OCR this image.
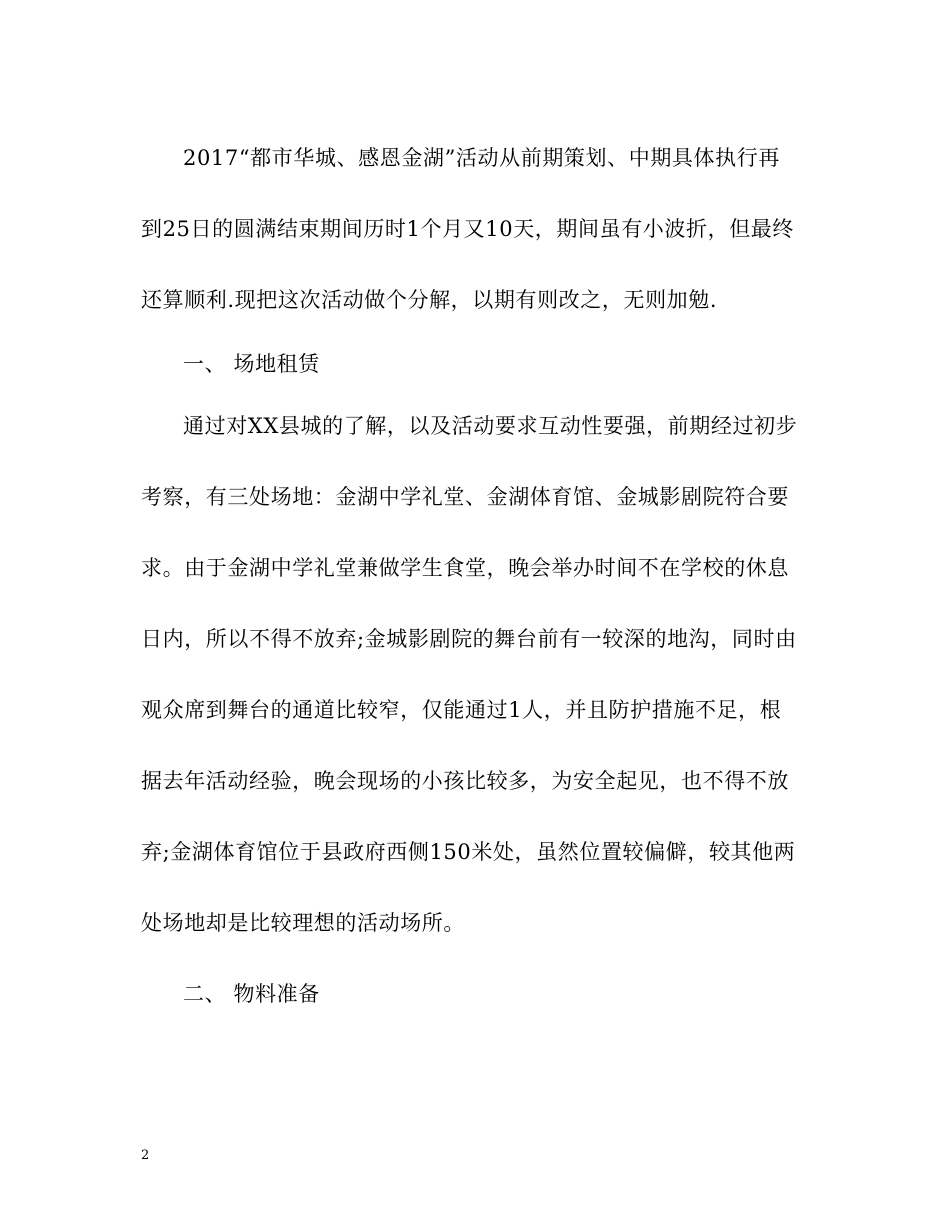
2017“都市华城、感恩金湖”活动从前期策划、中期具体执行再
到25日的圆满结束期间历时1个月又10天，期间虽有小波折，但最终
还算顺利.现把这次活动做个分解，以期有则改之，无则加勉.
一、 场地租赁
通过对XX县城的了解，以及活动要求互动性要强，前期经过初步
考察，有三处场地：金湖中学礼堂、金湖体育馆、金城影剧院符合要
求。由于金湖中学礼堂兼做学生食堂，晚会举办时间不在学校的休息
日内，所以不得不放弃;金城影剧院的舞台前有一较深的地沟，同时由
观众席到舞台的通道比较窄，仅能通过1人，并且防护措施不足，根
据去年活动经验，晚会现场的小孩比较多，为安全起见，也不得不放
弃;金湖体育馆位于县政府西侧150米处，虽然位置较偏僻，较其他两
处场地却是比较理想的活动场所。
二、 物料准备
2
